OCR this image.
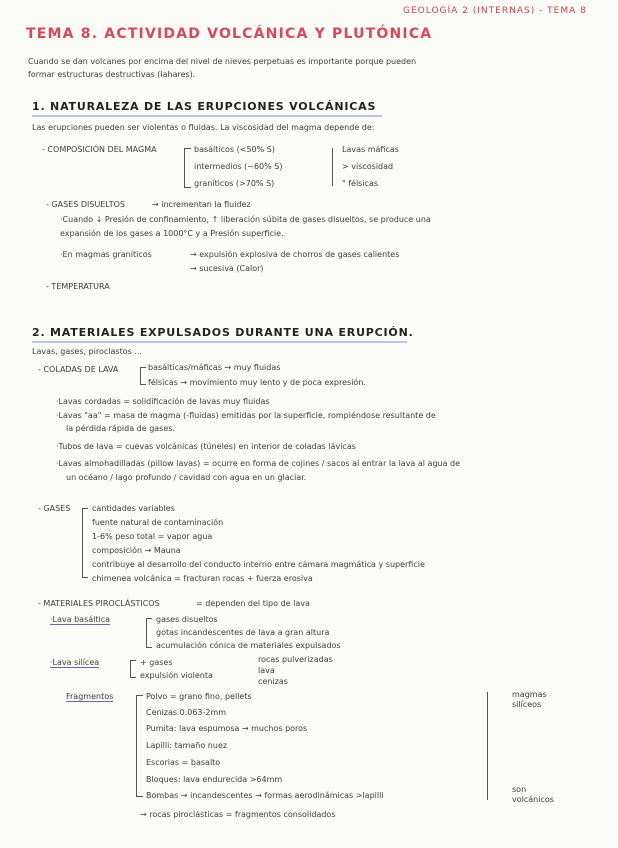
GEOLOGÍA 2 (INTERNAS) - TEMA 8
TEMA 8. ACTIVIDAD VOLCÁNICA Y PLUTÓNICA
Cuando se dan volcanes por encima del nivel de nieves perpetuas es importante porque pueden
formar estructuras destructivas (lahares).
1. NATURALEZA DE LAS ERUPCIONES VOLCÁNICAS
Las erupciones pueden ser violentas o fluidas. La viscosidad del magma depende de:
- COMPOSICIÓN DEL MAGMA	basálticos (<50% S)
intermedios (~60% S)
graníticos (>70% S)
Lavas máficas
> viscosidad
" félsicas
- GASES DISUELTOS	→ incrementan la fluidez
·Cuando ↓ Presión de confinamiento, ↑ liberación súbita de gases disueltos, se produce una
expansión de los gases a 1000°C y a Presión superficie.
·En magmas graníticos	→ expulsión explosiva de chorros de gases calientes
→ sucesiva (Calor)
- TEMPERATURA
2. MATERIALES EXPULSADOS DURANTE UNA ERUPCIÓN.
Lavas, gases, piroclastos ...
- COLADAS DE LAVA	basálticas/máficas → muy fluidas
félsicas → movimiento muy lento y de poca expresión.
·Lavas cordadas = solidificación de lavas muy fluidas
·Lavas "aa" = masa de magma (-fluidas) emitidas por la superficie, rompiéndose resultante de
la pérdida rápida de gases.
·Tubos de lava = cuevas volcánicas (túneles) en interior de coladas lávicas
·Lavas almohadilladas (pillow lavas) = ocurre en forma de cojines / sacos al entrar la lava al agua de
un océano / lago profundo / cavidad con agua en un glaciar.
- GASES	cantidades variables
fuente natural de contaminación
1-6% peso total = vapor agua
composición → Mauna
contribuye al desarrollo del conducto interno entre cámara magmática y superficie
chimenea volcánica = fracturan rocas + fuerza erosiva
- MATERIALES PIROCLÁSTICOS	= dependen del tipo de lava
·Lava basáltica	gases disueltos
gotas incandescentes de lava a gran altura
acumulación cónica de materiales expulsados
·Lava silícea	+ gases
expulsión violenta
rocas pulverizadas
lava
cenizas
Fragmentos	Polvo = grano fino, pellets
Cenizas 0.063-2mm
Pumita: lava espumosa → muchos poros
Lapilli: tamaño nuez
Escorias = basalto
Bloques: lava endurecida >64mm
Bombas → incandescentes → formas aerodinámicas >lapilli
magmas
silíceos
son
volcánicos
→ rocas piroclásticas = fragmentos consolidados
